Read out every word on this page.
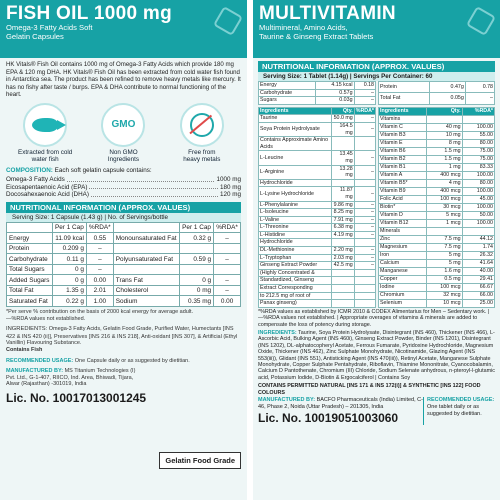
FISH OIL 1000 mg
Omega-3 Fatty Acids Soft
Gelatin Capsules
HK Vitals® Fish Oil contains 1000 mg of Omega-3 Fatty Acids which provide 180 mg EPA & 120 mg DHA. HK Vitals® Fish Oil has been extracted from cold water fish found in Antarctica sea. The product has been refined to remove heavy metals like mercury. It has no fishy after taste / burps. EPA & DHA contribute to normal functioning of the heart.
Extracted from cold
water fish
GMO
Non GMO
Ingredients
Free from
heavy metals
COMPOSITION: Each soft gelatin capsule contains:
Omega-3 Fatty Acids	1000 mg
Eicosapentaenoic Acid (EPA)	180 mg
Docosahexaenoic Acid (DHA)	120 mg
NUTRITIONAL INFORMATION (APPROX. VALUES)
Serving Size: 1 Capsule (1.43 g) | No. of Servings/bottle
	Per 1 Cap	%RDA*		Per 1 Cap	%RDA*
Energy	11.09 kcal	0.55	Monounsaturated Fat	0.32 g	–
Protein	0.209 g	–			
Carbohydrate	0.11 g	–	Polyunsaturated Fat	0.59 g	–
Total Sugars	0 g	–			
Added Sugars	0 g	0.00	Trans Fat	0 g	–
Total Fat	1.35 g	2.01	Cholesterol	0 mg	–
Saturated Fat	0.22 g	1.00	Sodium	0.35 mg	0.00
*Per serve % contribution on the basis of 2000 kcal energy for average adult.
—%RDA values not established.
INGREDIENTS: Omega-3 Fatty Acids, Gelatin Food Grade, Purified Water, Humectants [INS 422 & INS 420 (ii)], Preservatives [INS 216 & INS 218], Anti-oxidant [INS 307], & Artificial (Ethyl Vanillin) Flavouring Substance.
Contains Fish
RECOMMENDED USAGE: One Capsule daily or as suggested by dietitian.
MANUFACTURED BY: MS Titanium Technologies (I) Pvt. Ltd., G-1-407, RIICO, Ind. Area, Bhiwadi, Tijara, Alwar (Rajasthan) -301019, India
Lic. No. 10017013001245
Gelatin Food Grade
MULTIVITAMIN
Multimineral, Amino Acids,
Taurine & Ginseng Extract Tablets
NUTRITIONAL INFORMATION (APPROX. VALUES)
Serving Size: 1 Tablet (1.14g) | Servings Per Container: 60
Energy	4.15 kcal	0.18
Carbohydrate	0.57g	–
Sugars	0.03g	–
Protein	0.47g	0.78
Total Fat	0.05g	–
Ingredients	Qty.	%RDA*
Taurine	50.0 mg	–
Soya Protein Hydrolysate	164.5 mg	–
Contains Approximate Amino Acids		
L-Leucine	13.45 mg	–
L-Arginine	13.28 mg	–
Hydrochloride		
L-Lysine Hydrochloride	11.87 mg	–
L-Phenylalanine	9.86 mg	–
L-Isoleucine	8.25 mg	–
L-Valine	7.91 mg	–
L-Threonine	6.38 mg	–
L-Histidine	4.19 mg	–
Hydrochloride		
DL-Methionine	2.20 mg	–
L-Tryptophan	2.03 mg	–
Ginseng Extract Powder	42.5 mg	–
(Highly Concentrated &		
Standardized, Ginseng		
Extract Corresponding		
to 212.5 mg of root of		
Panax ginseng)		
Ingredients	Qty.	%RDA*
Vitamins		
Vitamin C	40 mg	100.00
Vitamin B3	10 mg	55.00
Vitamin E	8 mg	80.00
Vitamin B6	1.5 mg	75.00
Vitamin B2	1.5 mg	75.00
Vitamin B1	1 mg	83.33
Vitamin A	400 mcg	100.00
Vitamin B5*	4 mg	80.00
Vitamin B9	400 mcg	100.00
Folic Acid	100 mcg	45.00
Biotin*	30 mcg	100.00
Vitamin D	5 mcg	50.00
Vitamin B12	1 mcg	100.00
Minerals		
Zinc	7.5 mg	44.12
Magnesium	7.5 mg	1.74
Iron	5 mg	26.32
Calcium	5 mg	41.64
Manganese	1.6 mg	40.00
Copper	0.5 mg	29.41
Iodine	100 mcg	66.67
Chromium	32 mcg	66.00
Selenium	10 mcg	25.00
*%RDA values as established by ICMR 2010 & CODEX Alimentarius for Men – Sedentary work. | —%RDA values not established. | Appropriate overages of vitamins & minerals are added to compensate the loss of potency during storage.
INGREDIENTS: Taurine, Soya Protein Hydrolysate, Disintegrant (INS 460), Thickener (INS 466), L-Ascorbic Acid, Bulking Agent (INS 460i), Ginseng Extract Powder, Binder (INS 1201), Disintegrant (INS 1202), DL-alphatocopheryl Acetate, Ferrous Fumarate, Pyridoxine Hydrochloride, Magnesium Oxide, Thickener (INS 462), Zinc Sulphate Monohydrate, Nicotinamide, Glazing Agent (INS 553(iii)), Glidant (INS 551), Antisticking Agent (INS 470(iii)), Retinyl Acetate, Manganese Sulphate Monohydrate, Copper Sulphate Pentahydrate, Riboflavin, Thiamine Mononitrate, Cyanocobalamin, Calcium D Pantothenate, Chromium (III) Chloride, Sodium Selenate anhydrous, n-pteroyl-l-glutamic acid, Potassium Iodide, D-Biotin & Ergocalciferol | Contains Soy
CONTAINS PERMITTED NATURAL [INS 171 & INS 172(i)] & SYNTHETIC [INS 122] FOOD COLOURS
MANUFACTURED BY: BACFO Pharmaceuticals (India) Limited, C-46, Phase 2, Noida (Uttar Pradesh) – 201305, India
Lic. No. 10019051003060
RECOMMENDED USAGE:
One tablet daily or as suggested by dietitian.
